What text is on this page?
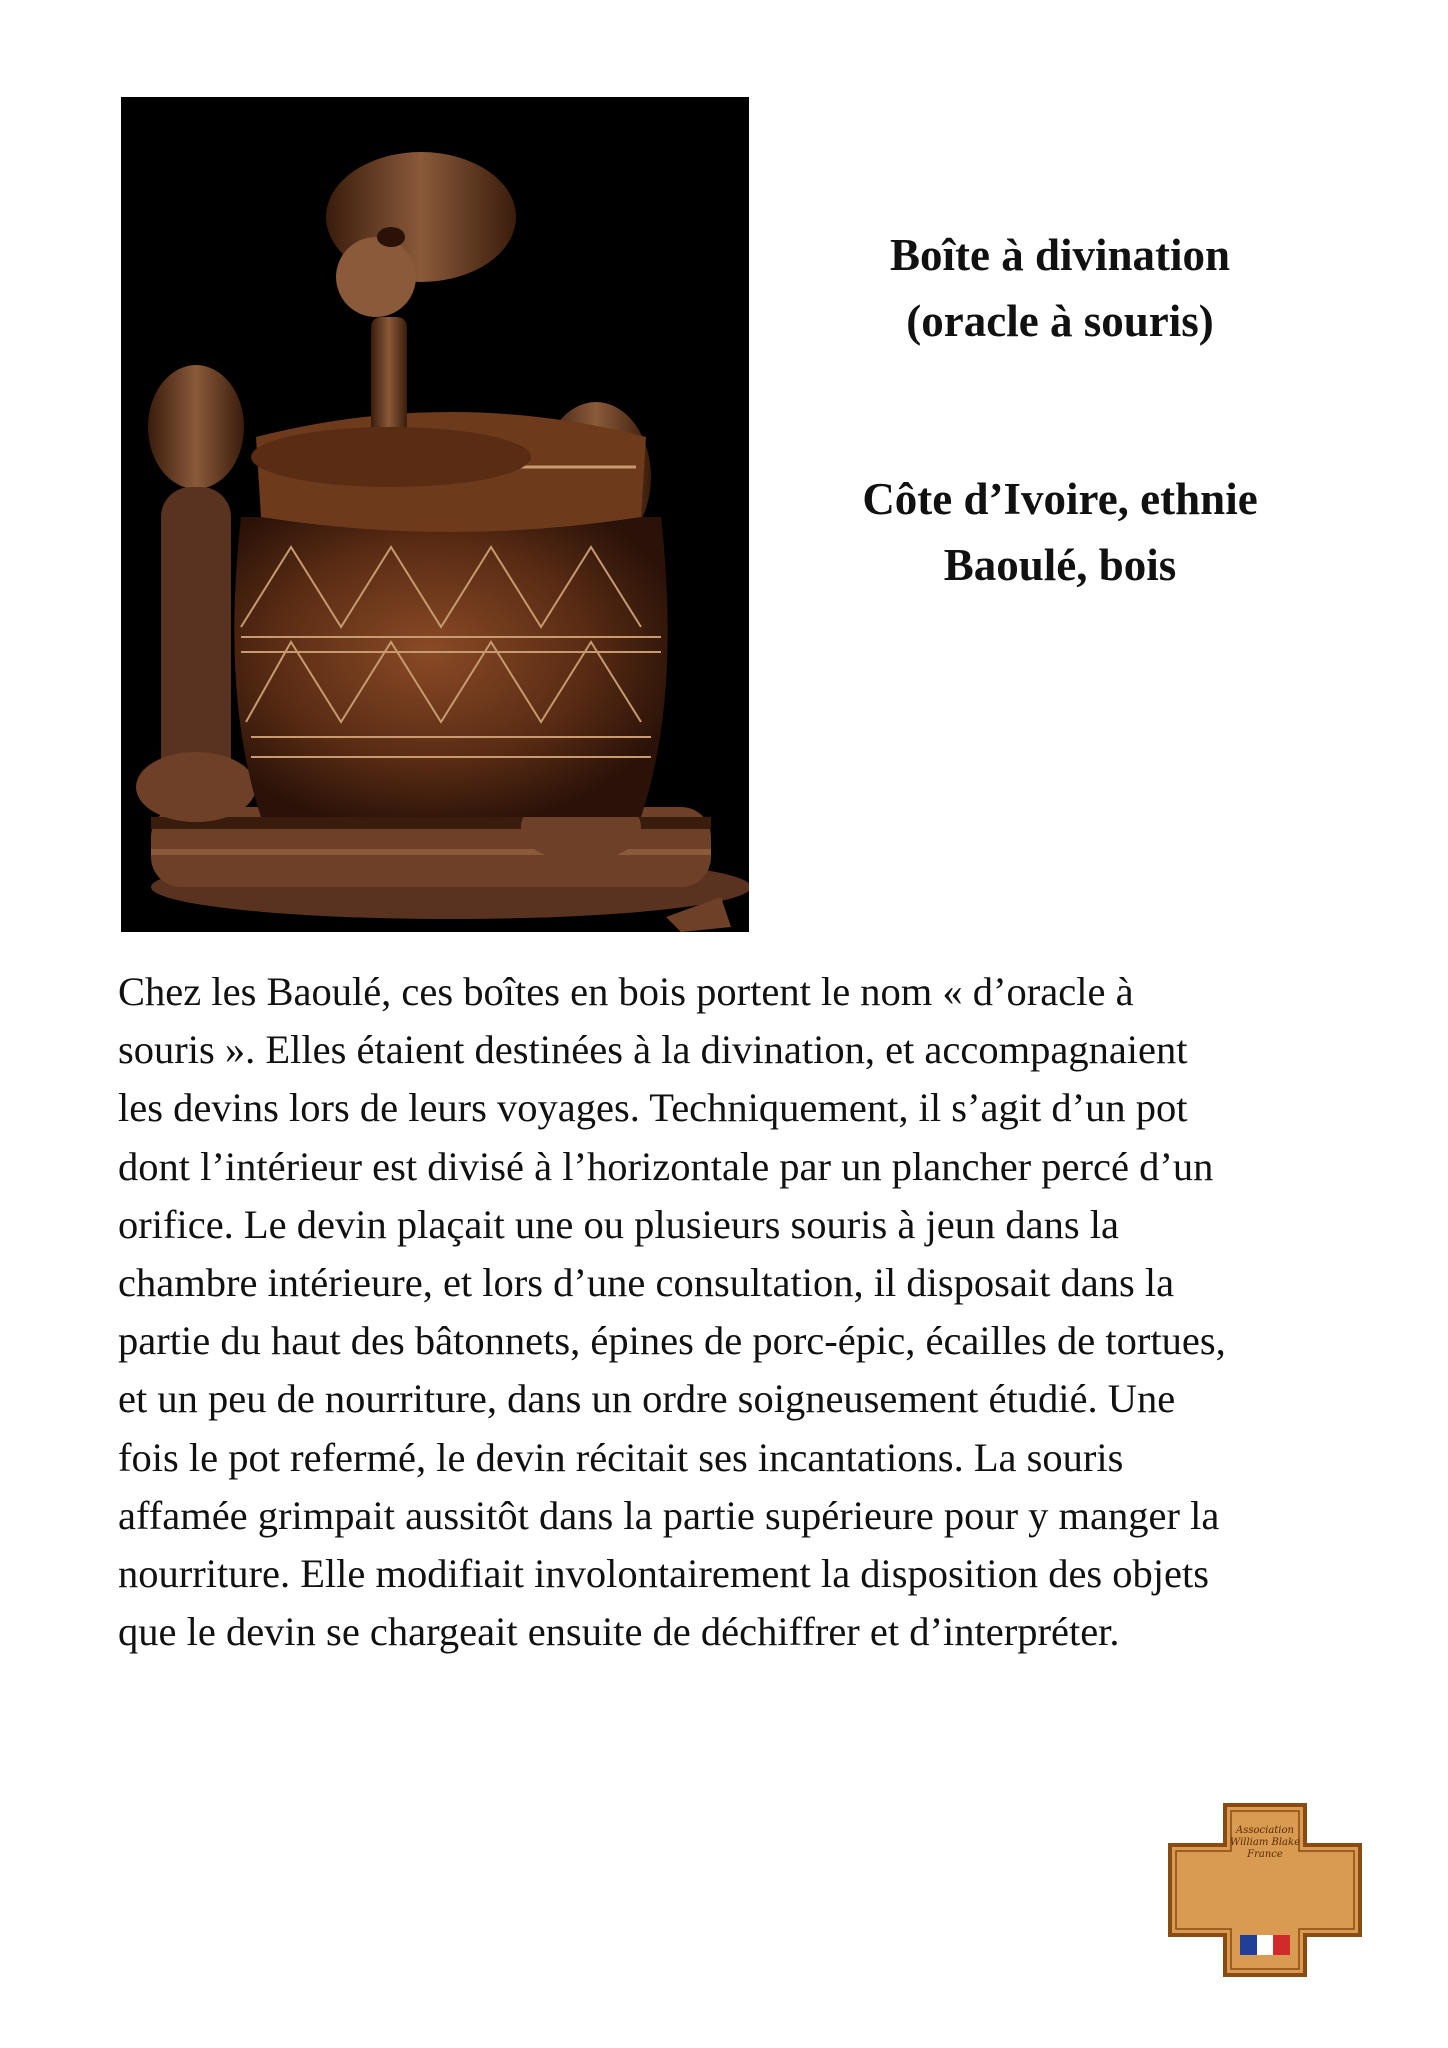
Boîte à divination

(oracle à souris)

Côte d’Ivoire, ethnie

Baoulé, bois

Chez les Baoulé, ces boîtes en bois portent le nom « d’oracle à
souris ». Elles étaient destinées à la divination, et accompagnaient
les devins lors de leurs voyages. Techniquement, il s’agit d’un pot
dont l’intérieur est divisé à l’horizontale par un plancher percé d’un
orifice. Le devin plaçait une ou plusieurs souris à jeun dans la
chambre intérieure, et lors d’une consultation, il disposait dans la
partie du haut des bâtonnets, épines de porc-épic, écailles de tortues,
et un peu de nourriture, dans un ordre soigneusement étudié. Une
fois le pot refermé, le devin récitait ses incantations. La souris
affamée grimpait aussitôt dans la partie supérieure pour y manger la
nourriture. Elle modifiait involontairement la disposition des objets
que le devin se chargeait ensuite de déchiffrer et d’interpréter.
Association
William Blake
France
